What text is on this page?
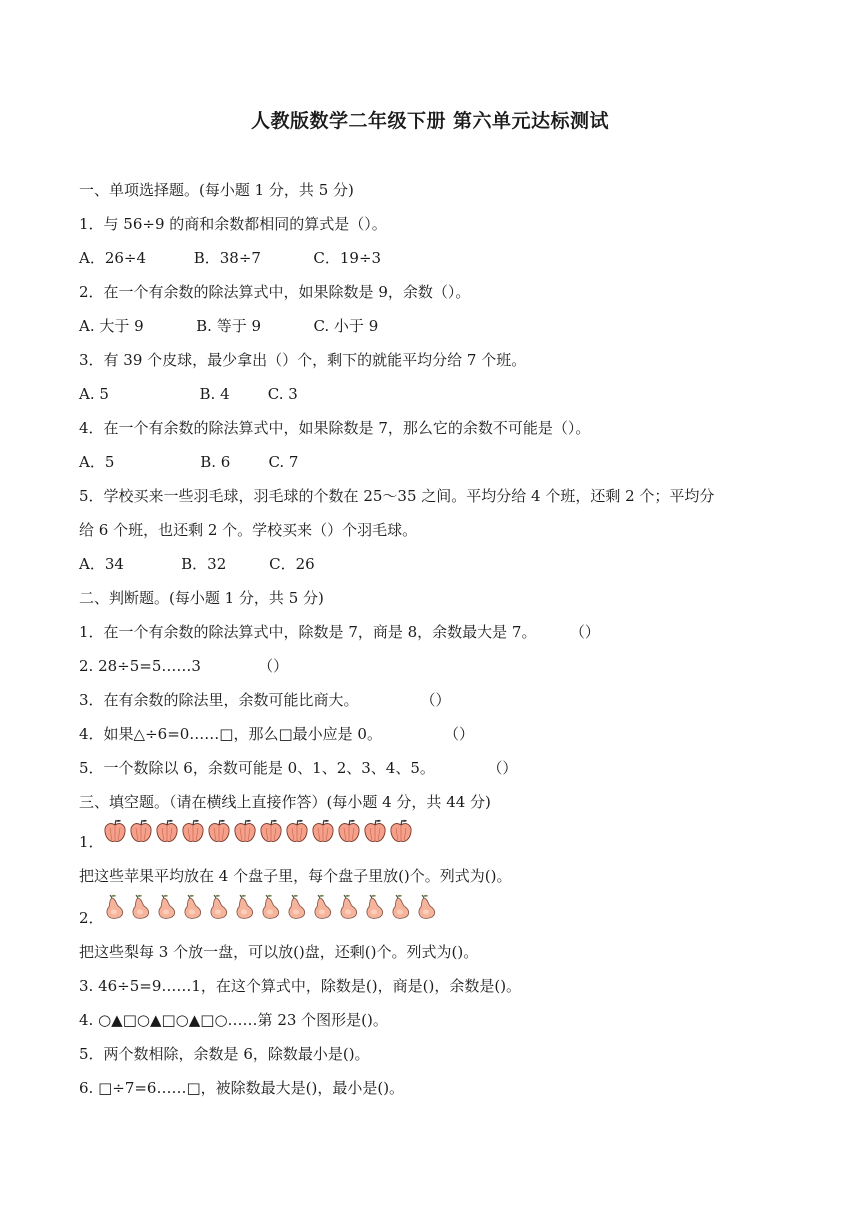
人教版数学二年级下册 第六单元达标测试
一、单项选择题。(每小题 1 分，共 5 分)
1．与 56÷9 的商和余数都相同的算式是（）。
A．26÷4          B．38÷7           C．19÷3
2．在一个有余数的除法算式中，如果除数是 9，余数（）。
A. 大于 9           B. 等于 9           C. 小于 9
3．有 39 个皮球，最少拿出（）个，剩下的就能平均分给 7 个班。
A. 5                   B. 4        C. 3
4．在一个有余数的除法算式中，如果除数是 7，那么它的余数不可能是（）。
A．5                  B. 6        C. 7
5．学校买来一些羽毛球，羽毛球的个数在 25～35 之间。平均分给 4 个班，还剩 2 个；平均分
给 6 个班，也还剩 2 个。学校买来（）个羽毛球。
A．34            B．32         C．26
二、判断题。(每小题 1 分，共 5 分)
1．在一个有余数的除法算式中，除数是 7，商是 8，余数最大是 7。       （）
2. 28÷5=5……3            （）
3．在有余数的除法里，余数可能比商大。             （）
4．如果△÷6=0……□，那么□最小应是 0。             （）
5．一个数除以 6，余数可能是 0、1、2、3、4、5。           （）
三、填空题。（请在横线上直接作答）(每小题 4 分，共 44 分)
1．
把这些苹果平均放在 4 个盘子里，每个盘子里放()个。列式为()。
2．
把这些梨每 3 个放一盘，可以放()盘，还剩()个。列式为()。
3. 46÷5=9……1，在这个算式中，除数是()，商是()，余数是()。
4. ○▲□○▲□○▲□○……第 23 个图形是()。
5．两个数相除，余数是 6，除数最小是()。
6. □÷7=6……□，被除数最大是()，最小是()。
